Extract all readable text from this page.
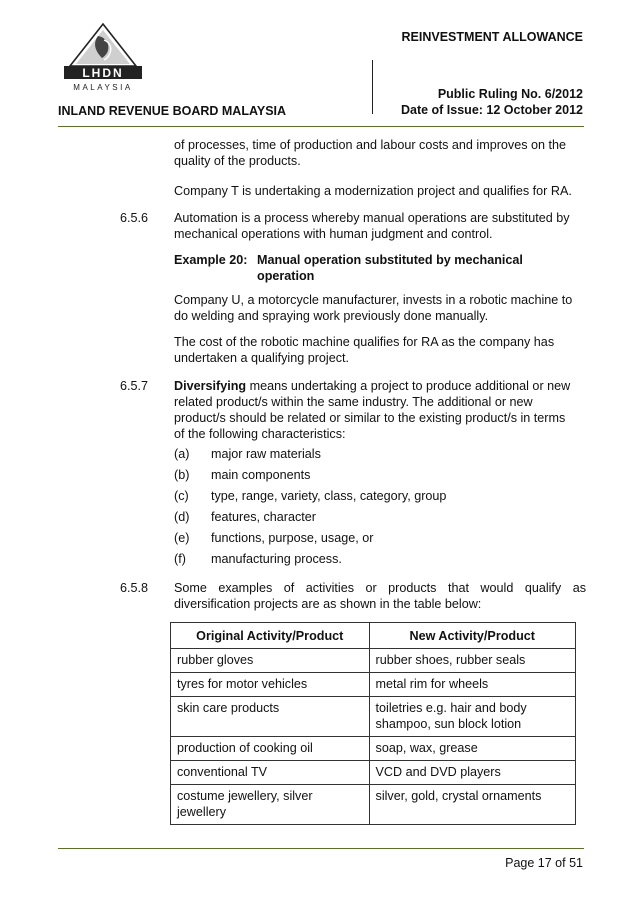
LHDN
MALAYSIA
REINVESTMENT ALLOWANCE
Public Ruling No. 6/2012
Date of Issue: 12 October 2012
INLAND REVENUE BOARD MALAYSIA
of processes, time of production and labour costs and improves on the
quality of the products.
Company T is undertaking a modernization project and qualifies for RA.
6.5.6 Automation is a process whereby manual operations are substituted by
mechanical operations with human judgment and control.
Example 20: Manual operation substituted by mechanical
operation
Company U, a motorcycle manufacturer, invests in a robotic machine to
do welding and spraying work previously done manually.
The cost of the robotic machine qualifies for RA as the company has
undertaken a qualifying project.
6.5.7 Diversifying means undertaking a project to produce additional or new
related product/s within the same industry. The additional or new
product/s should be related or similar to the existing product/s in terms
of the following characteristics:
(a) major raw materials
(b) main components
(c) type, range, variety, class, category, group
(d) features, character
(e) functions, purpose, usage, or
(f) manufacturing process.
6.5.8 Some examples of activities or products that would qualify as
diversification projects are as shown in the table below:
Original Activity/Product	New Activity/Product
rubber gloves	rubber shoes, rubber seals
tyres for motor vehicles	metal rim for wheels
skin care products	toiletries e.g. hair and body shampoo, sun block lotion
production of cooking oil	soap, wax, grease
conventional TV	VCD and DVD players
costume jewellery, silver jewellery	silver, gold, crystal ornaments
Page 17 of 51
